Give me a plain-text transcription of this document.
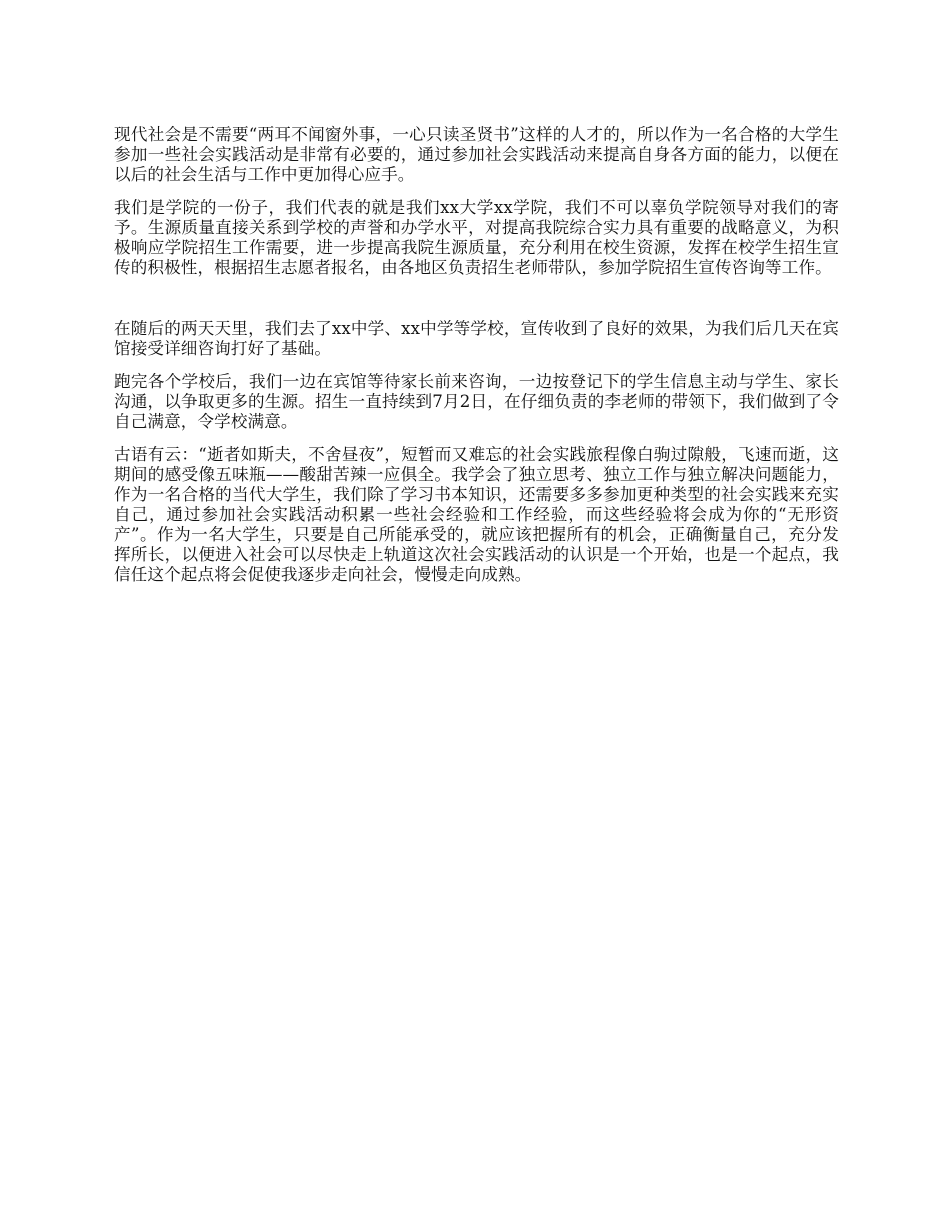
现代社会是不需要“两耳不闻窗外事，一心只读圣贤书”这样的人才的，所以作为一名合格的大学生参加一些社会实践活动是非常有必要的，通过参加社会实践活动来提高自身各方面的能力，以便在以后的社会生活与工作中更加得心应手。

我们是学院的一份子，我们代表的就是我们xx大学xx学院，我们不可以辜负学院领导对我们的寄予。生源质量直接关系到学校的声誉和办学水平，对提高我院综合实力具有重要的战略意义，为积极响应学院招生工作需要，进一步提高我院生源质量，充分利用在校生资源，发挥在校学生招生宣传的积极性，根据招生志愿者报名，由各地区负责招生老师带队，参加学院招生宣传咨询等工作。

在随后的两天天里，我们去了xx中学、xx中学等学校，宣传收到了良好的效果，为我们后几天在宾馆接受详细咨询打好了基础。

跑完各个学校后，我们一边在宾馆等待家长前来咨询，一边按登记下的学生信息主动与学生、家长沟通，以争取更多的生源。招生一直持续到7月2日，在仔细负责的李老师的带领下，我们做到了令自己满意，令学校满意。

古语有云：“逝者如斯夫，不舍昼夜”，短暂而又难忘的社会实践旅程像白驹过隙般，飞速而逝，这期间的感受像五味瓶——酸甜苦辣一应俱全。我学会了独立思考、独立工作与独立解决问题能力，作为一名合格的当代大学生，我们除了学习书本知识，还需要多多参加更种类型的社会实践来充实自己，通过参加社会实践活动积累一些社会经验和工作经验，而这些经验将会成为你的“无形资产”。作为一名大学生，只要是自己所能承受的，就应该把握所有的机会，正确衡量自己，充分发挥所长，以便进入社会可以尽快走上轨道这次社会实践活动的认识是一个开始，也是一个起点，我信任这个起点将会促使我逐步走向社会，慢慢走向成熟。
